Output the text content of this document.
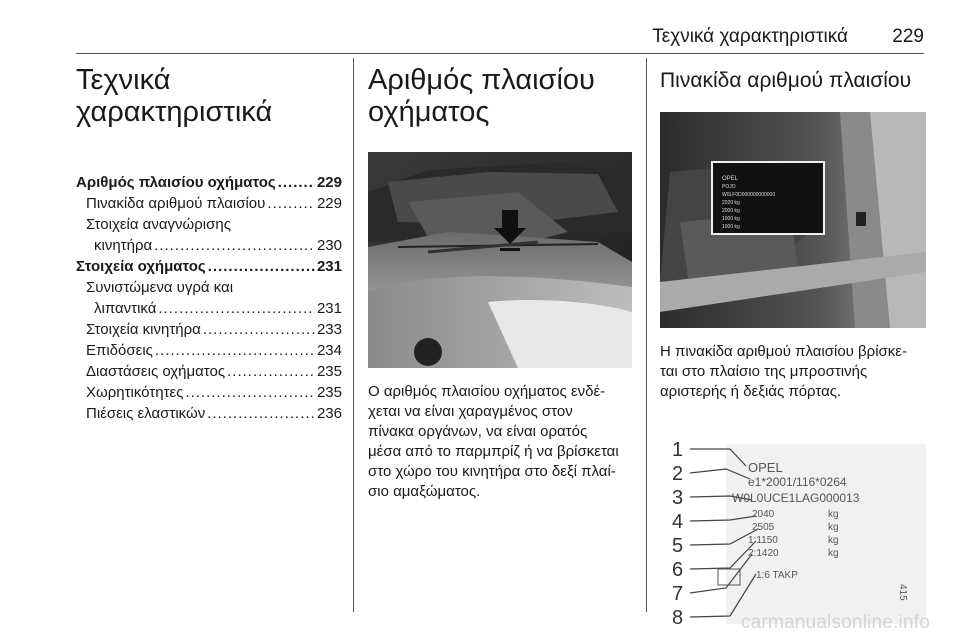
Τεχνικά χαρακτηριστικά 229
Τεχνικά
χαρακτηριστικά
Αριθμός πλαισίου οχήματος .....	229
Πινακίδα αριθμού πλαισίου .....	229
Στοιχεία αναγνώρισης
κινητήρα .....	230
Στοιχεία οχήματος .....	231
Συνιστώμενα υγρά και
λιπαντικά .....	231
Στοιχεία κινητήρα .....	233
Επιδόσεις .....	234
Διαστάσεις οχήματος .....	235
Χωρητικότητες .....	235
Πιέσεις ελαστικών .....	236
Αριθμός πλαισίου
οχήματος

Ο αριθμός πλαισίου οχήματος ενδέ-

χεται να είναι χαραγμένος στον

πίνακα οργάνων, να είναι ορατός

μέσα από το παρμπρίζ ή να βρίσκεται

στο χώρο του κινητήρα στο δεξί πλαί-

σιο αμαξώματος.

Πινακίδα αριθμού πλαισίου
OPEL
POJO
W0LF0D000000000000
2020 kg
2000 kg
1000 kg
1000 kg

Η πινακίδα αριθμού πλαισίου βρίσκε-

ται στο πλαίσιο της μπροστινής

αριστερής ή δεξιάς πόρτας.

1
2
3
4
5
6
7
8
OPEL
e1*2001/116*0264
W0L0UCE1LAG000013
2040
2505
1:1150
2:1420
1:6 TAKP
kg
kg
kg
kg
415
carmanualsonline.info
